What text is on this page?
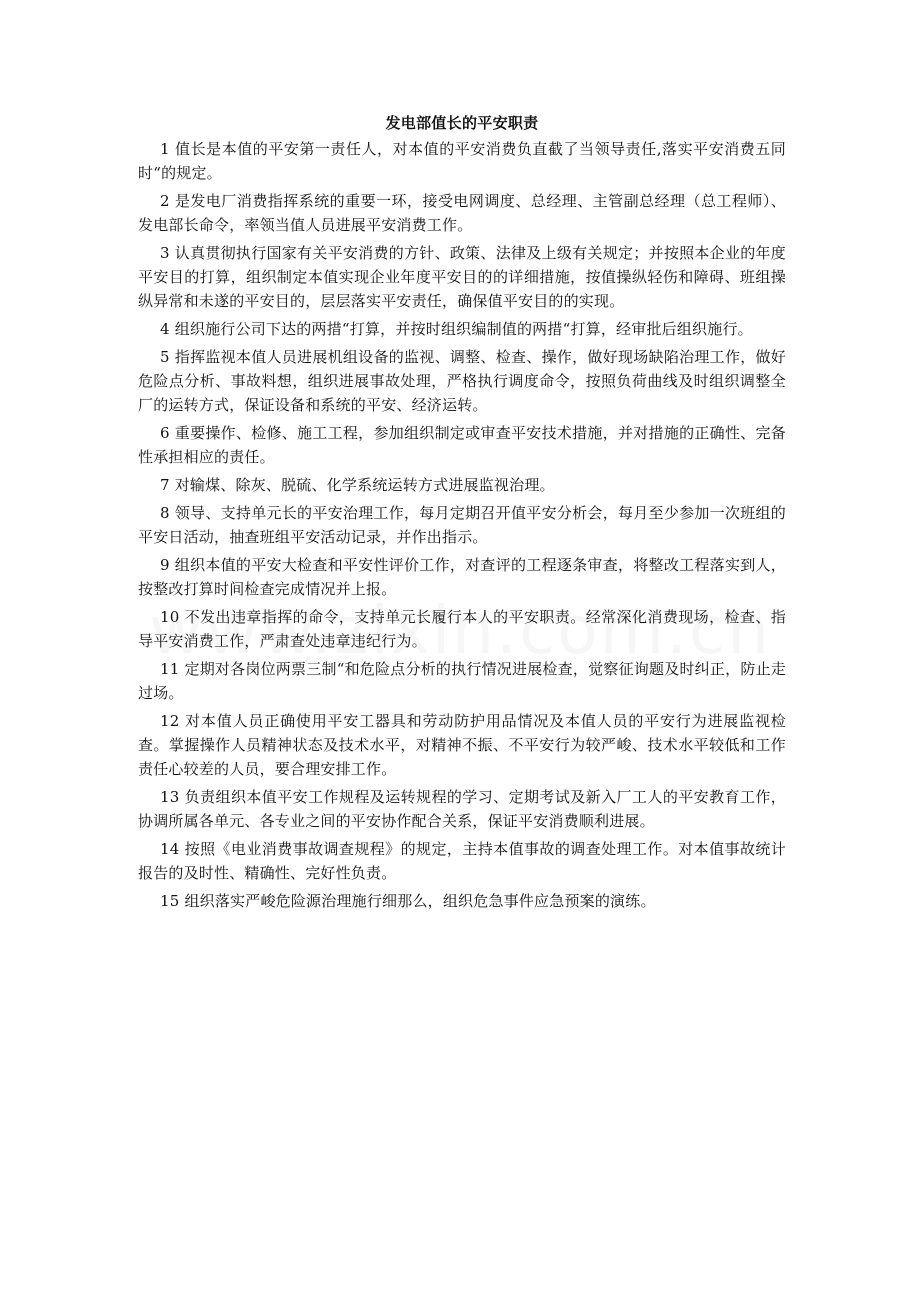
发电部值长的平安职责

1 值长是本值的平安第一责任人，对本值的平安消费负直截了当领导责任,落实平安消费五同时“的规定。

2 是发电厂消费指挥系统的重要一环，接受电网调度、总经理、主管副总经理（总工程师）、发电部长命令，率领当值人员进展平安消费工作。

3 认真贯彻执行国家有关平安消费的方针、政策、法律及上级有关规定；并按照本企业的年度平安目的打算，组织制定本值实现企业年度平安目的的详细措施，按值操纵轻伤和障碍、班组操纵异常和未遂的平安目的，层层落实平安责任，确保值平安目的的实现。

4 组织施行公司下达的两措“打算，并按时组织编制值的两措“打算，经审批后组织施行。

5 指挥监视本值人员进展机组设备的监视、调整、检查、操作，做好现场缺陷治理工作，做好危险点分析、事故料想，组织进展事故处理，严格执行调度命令，按照负荷曲线及时组织调整全厂的运转方式，保证设备和系统的平安、经济运转。

6 重要操作、检修、施工工程，参加组织制定或审查平安技术措施，并对措施的正确性、完备性承担相应的责任。

7 对输煤、除灰、脱硫、化学系统运转方式进展监视治理。

8 领导、支持单元长的平安治理工作，每月定期召开值平安分析会，每月至少参加一次班组的平安日活动，抽查班组平安活动记录，并作出指示。

9 组织本值的平安大检查和平安性评价工作，对查评的工程逐条审查，将整改工程落实到人，按整改打算时间检查完成情况并上报。

10 不发出违章指挥的命令，支持单元长履行本人的平安职责。经常深化消费现场，检查、指导平安消费工作，严肃查处违章违纪行为。

11 定期对各岗位两票三制“和危险点分析的执行情况进展检查，觉察征询题及时纠正，防止走过场。

12 对本值人员正确使用平安工器具和劳动防护用品情况及本值人员的平安行为进展监视检查。掌握操作人员精神状态及技术水平，对精神不振、不平安行为较严峻、技术水平较低和工作责任心较差的人员，要合理安排工作。

13 负责组织本值平安工作规程及运转规程的学习、定期考试及新入厂工人的平安教育工作，协调所属各单元、各专业之间的平安协作配合关系，保证平安消费顺利进展。

14 按照《电业消费事故调查规程》的规定，主持本值事故的调查处理工作。对本值事故统计报告的及时性、精确性、完好性负责。

15 组织落实严峻危险源治理施行细那么，组织危急事件应急预案的演练。
